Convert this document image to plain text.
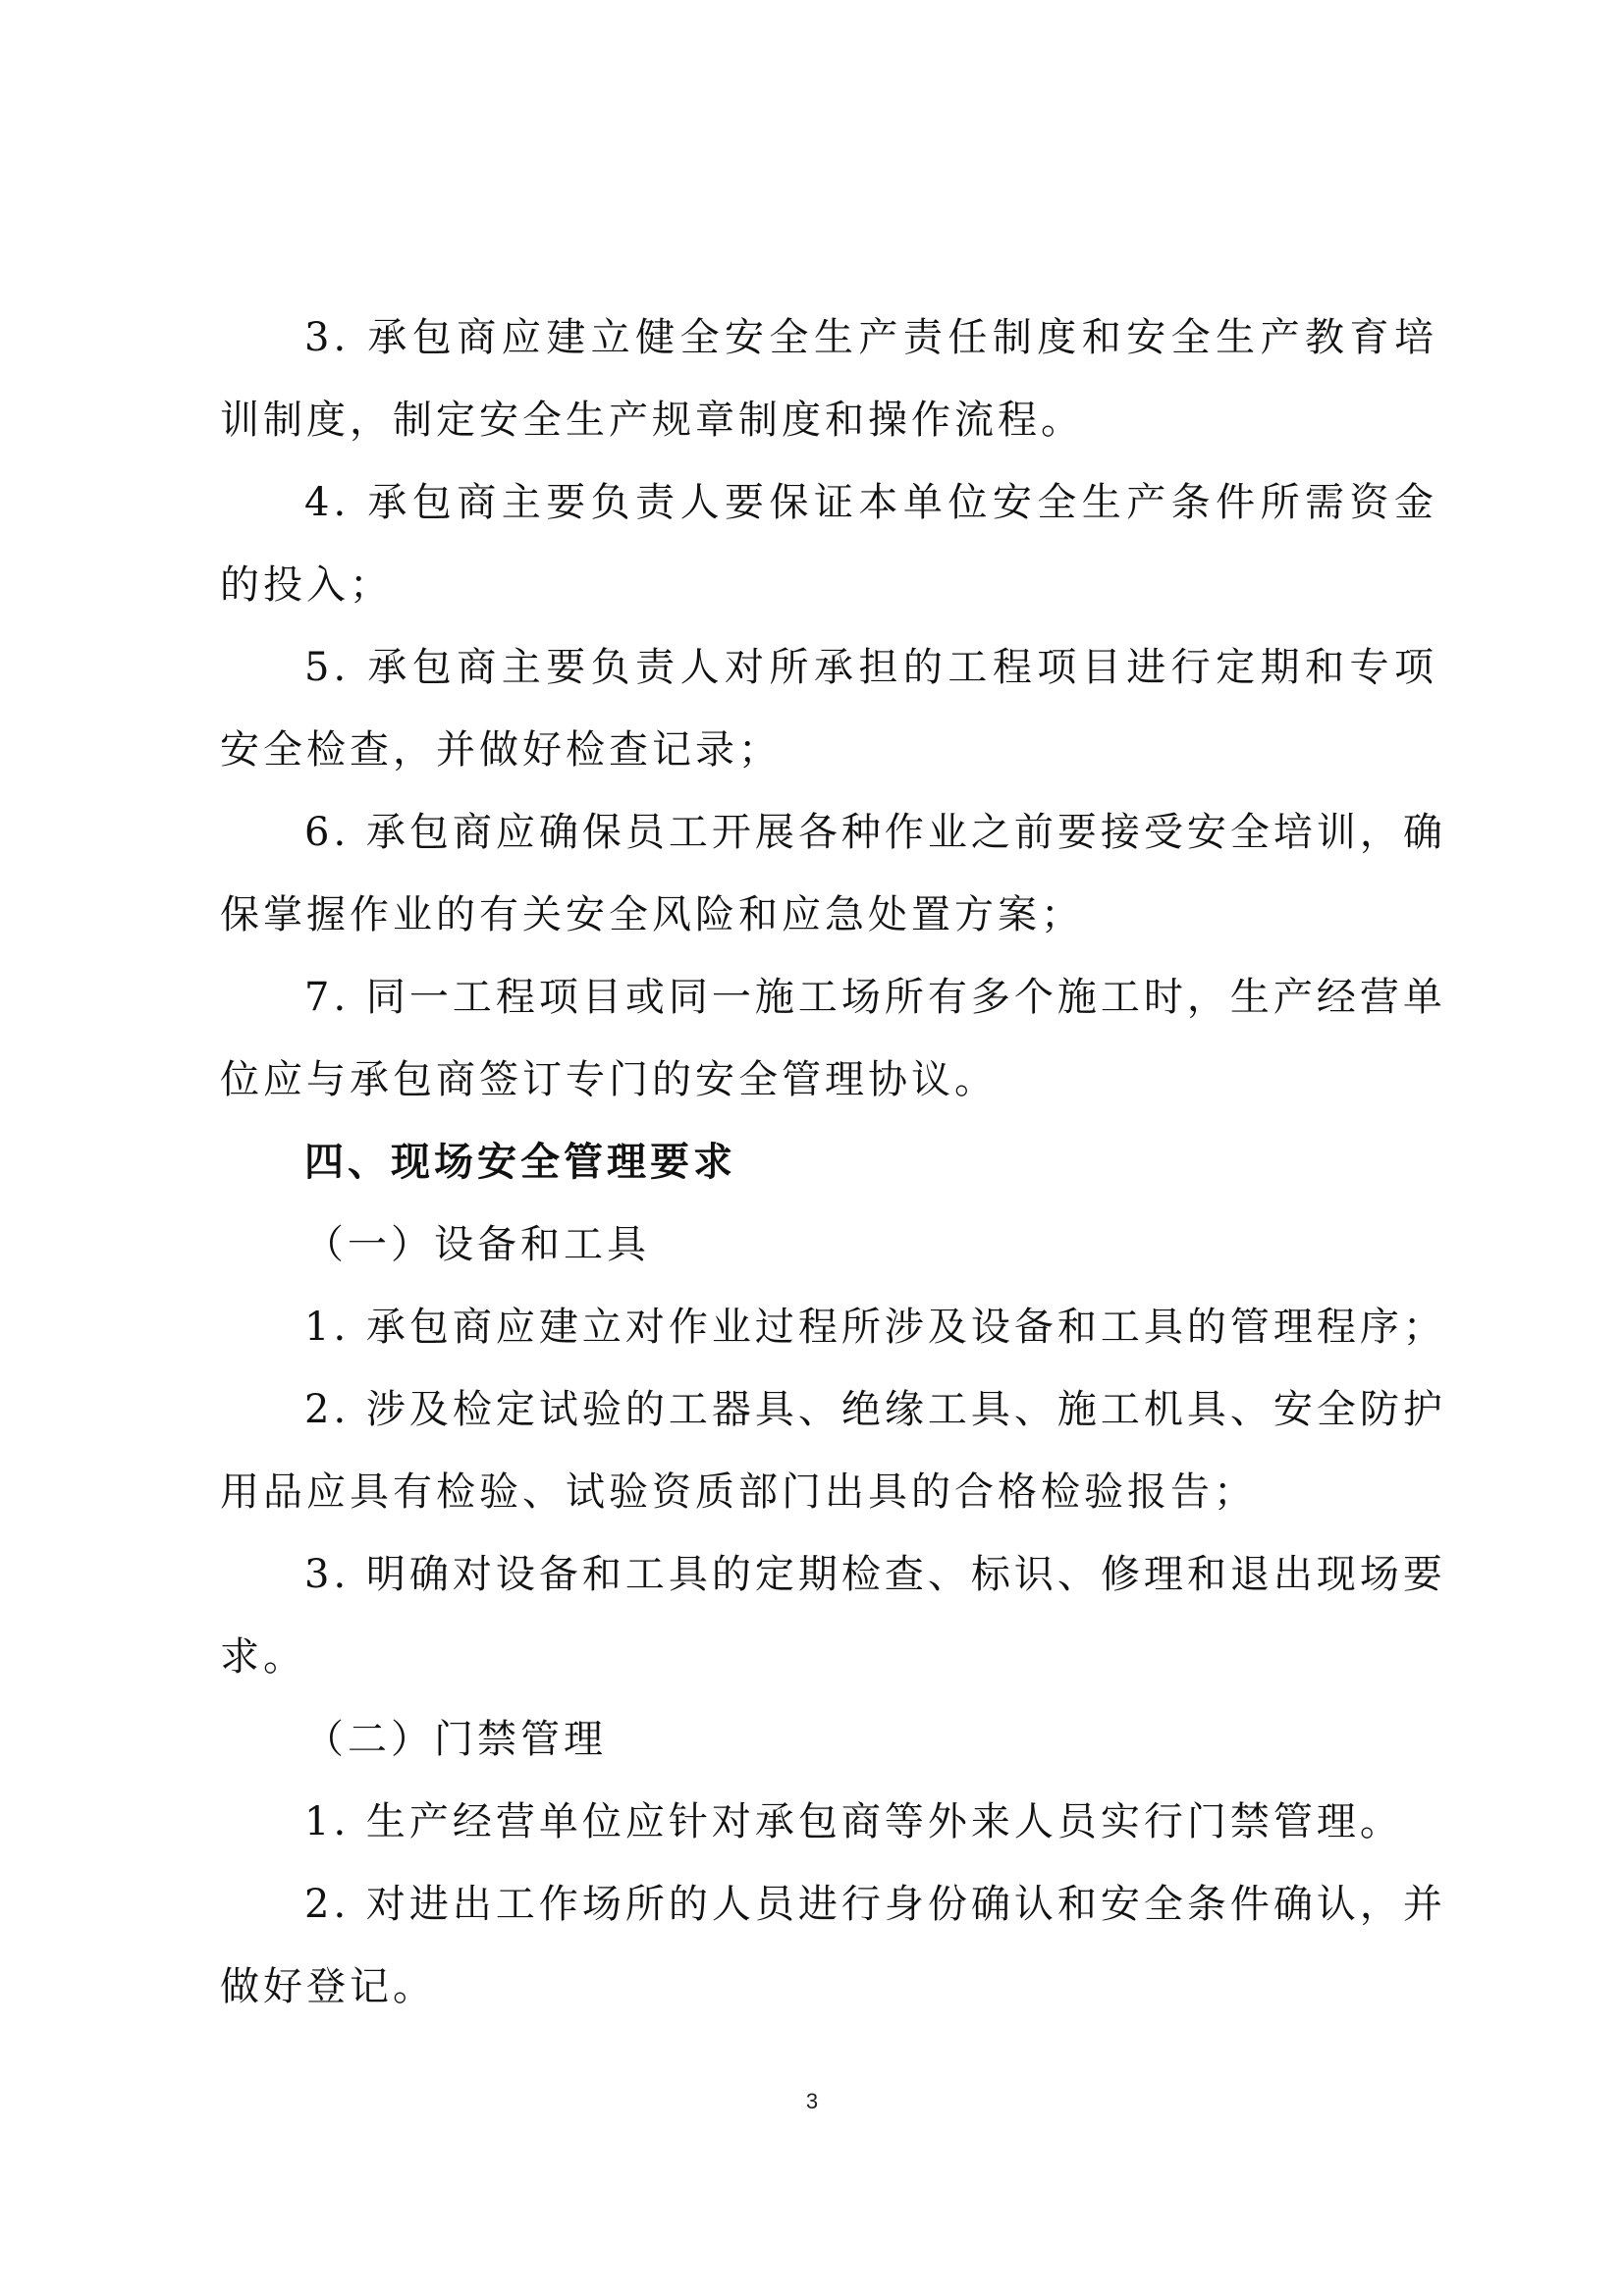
3. 承包商应建立健全安全生产责任制度和安全生产教育培
训制度，制定安全生产规章制度和操作流程。
4. 承包商主要负责人要保证本单位安全生产条件所需资金
的投入；
5. 承包商主要负责人对所承担的工程项目进行定期和专项
安全检查，并做好检查记录；
6. 承包商应确保员工开展各种作业之前要接受安全培训，确
保掌握作业的有关安全风险和应急处置方案；
7. 同一工程项目或同一施工场所有多个施工时，生产经营单
位应与承包商签订专门的安全管理协议。
四、现场安全管理要求
（一）设备和工具
1. 承包商应建立对作业过程所涉及设备和工具的管理程序；
2. 涉及检定试验的工器具、绝缘工具、施工机具、安全防护
用品应具有检验、试验资质部门出具的合格检验报告；
3. 明确对设备和工具的定期检查、标识、修理和退出现场要
求。
（二）门禁管理
1. 生产经营单位应针对承包商等外来人员实行门禁管理。
2. 对进出工作场所的人员进行身份确认和安全条件确认，并
做好登记。
3
